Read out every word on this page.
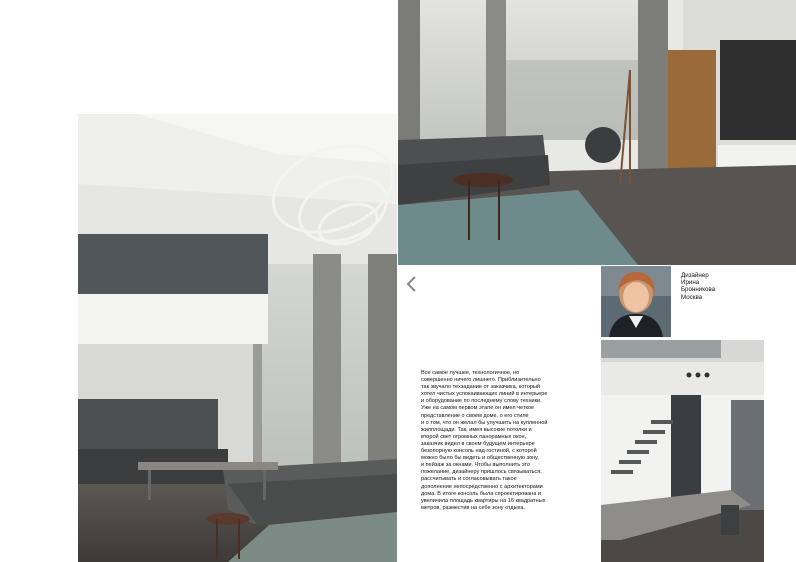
Дизайнер
Ирина
Бронникова
Москва
Все самое лучшее, технологичное, но
совершенно ничего лишнего. Приблизительно
так звучало техзадание от заказчика, который
хотел чистых успокаивающих линий в интерьере
и оборудование по последнему слову техники.
Уже на самом первом этапе он имел четкое
представление о своем доме, о его стиле
и о том, что он желал бы улучшить на купленной
жилплощади. Так, имея высокие потолки и
второй свет огромных панорамных окон,
заказчик видел в своем будущем интерьере
безопорную консоль над гостиной, с которой
можно было бы видеть и общественную зону,
и пейзаж за окнами. Чтобы выполнить это
пожелание, дизайнеру пришлось связываться,
рассчитывать и согласовывать такое
дополнение непосредственно с архитекторами
дома. В итоге консоль была спроектирована и
увеличила площадь квартиры на 16 квадратных
метров, разместив на себе зону отдыха.
